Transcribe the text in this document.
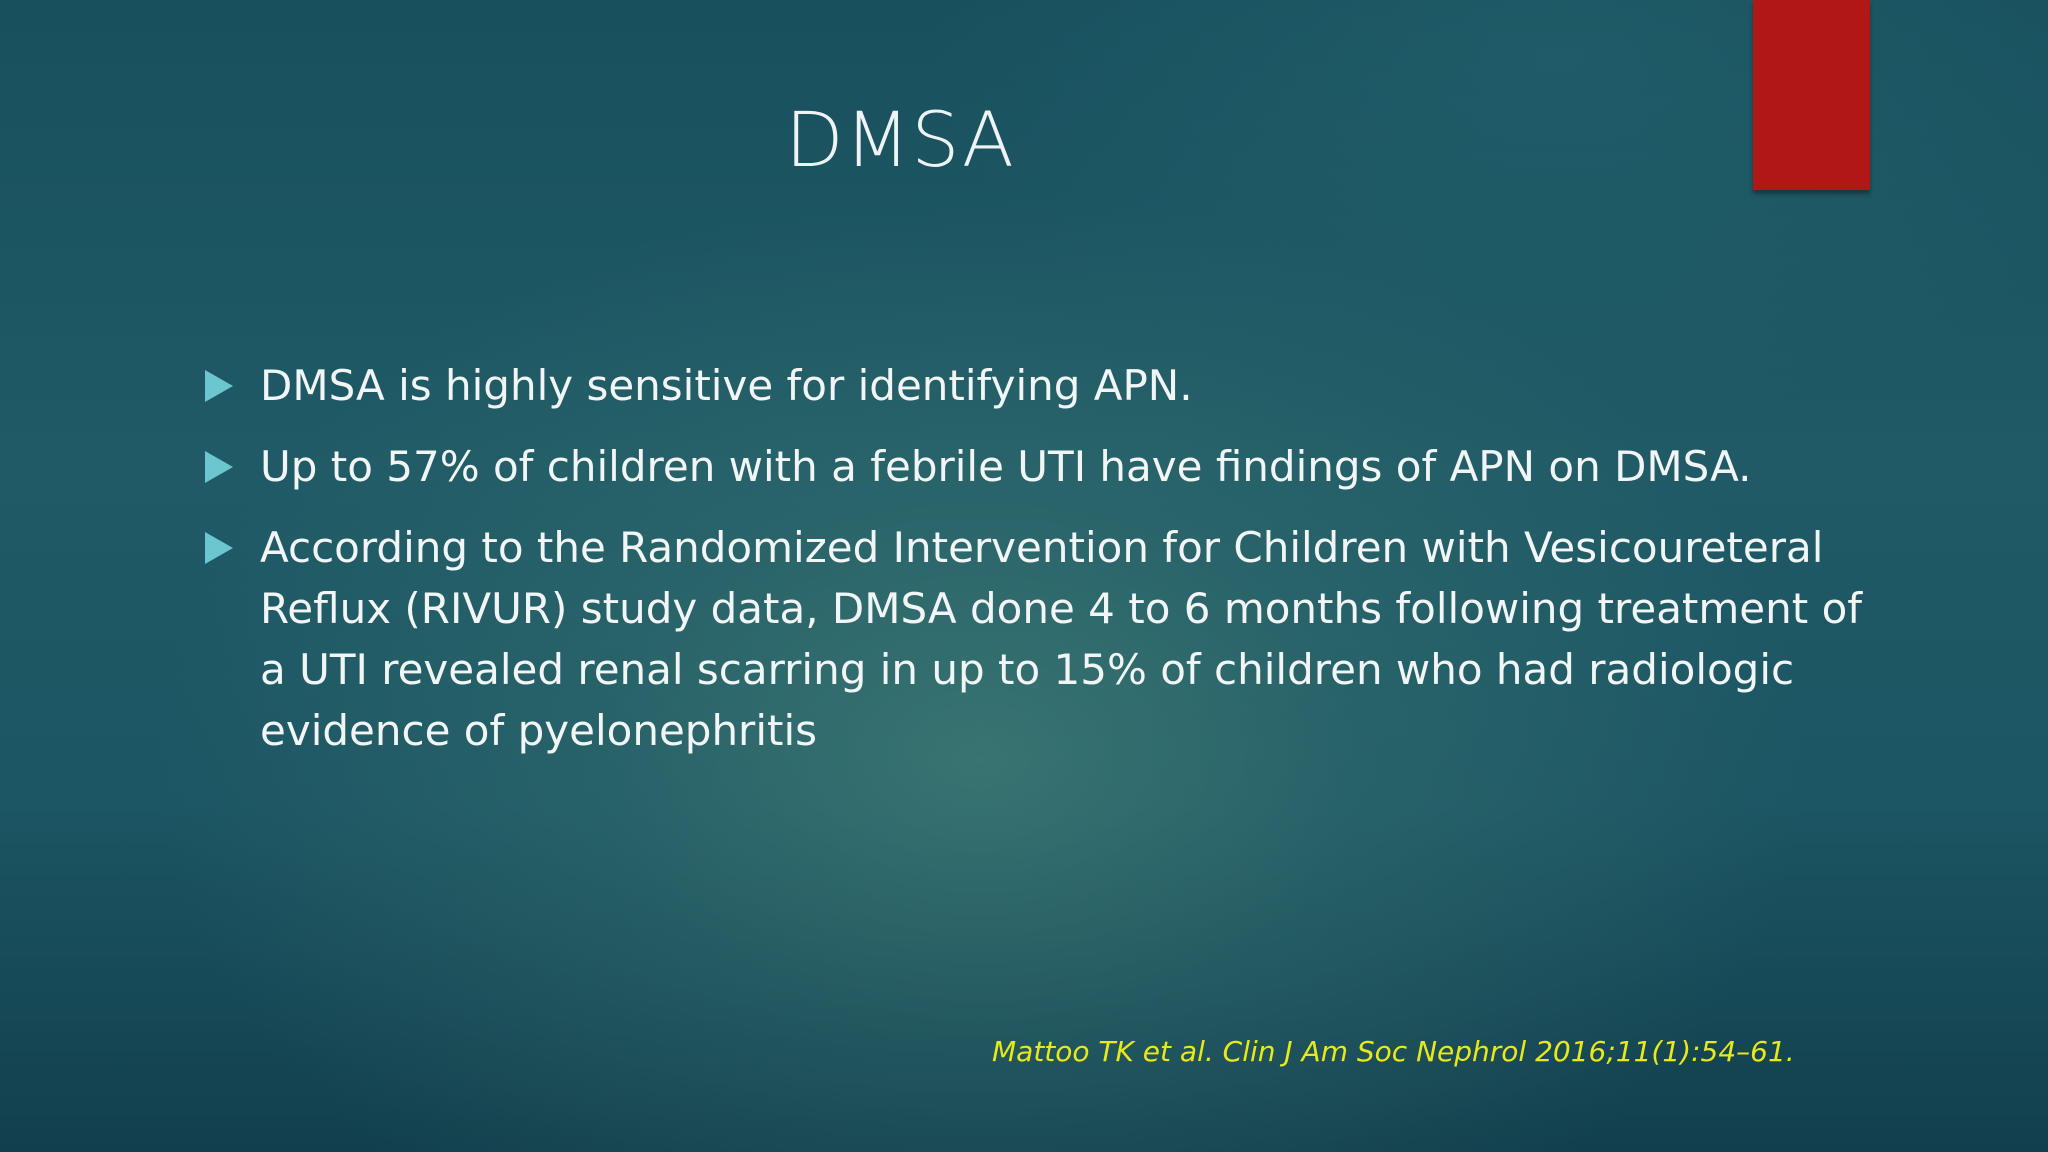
DMSA
DMSA is highly sensitive for identifying APN.
Up to 57% of children with a febrile UTI have findings of APN on DMSA.
According to the Randomized Intervention for Children with Vesicoureteral Reflux (RIVUR) study data, DMSA done 4 to 6 months following treatment of a UTI revealed renal scarring in up to 15% of children who had radiologic evidence of pyelonephritis
Mattoo TK et al. Clin J Am Soc Nephrol 2016;11(1):54–61.
